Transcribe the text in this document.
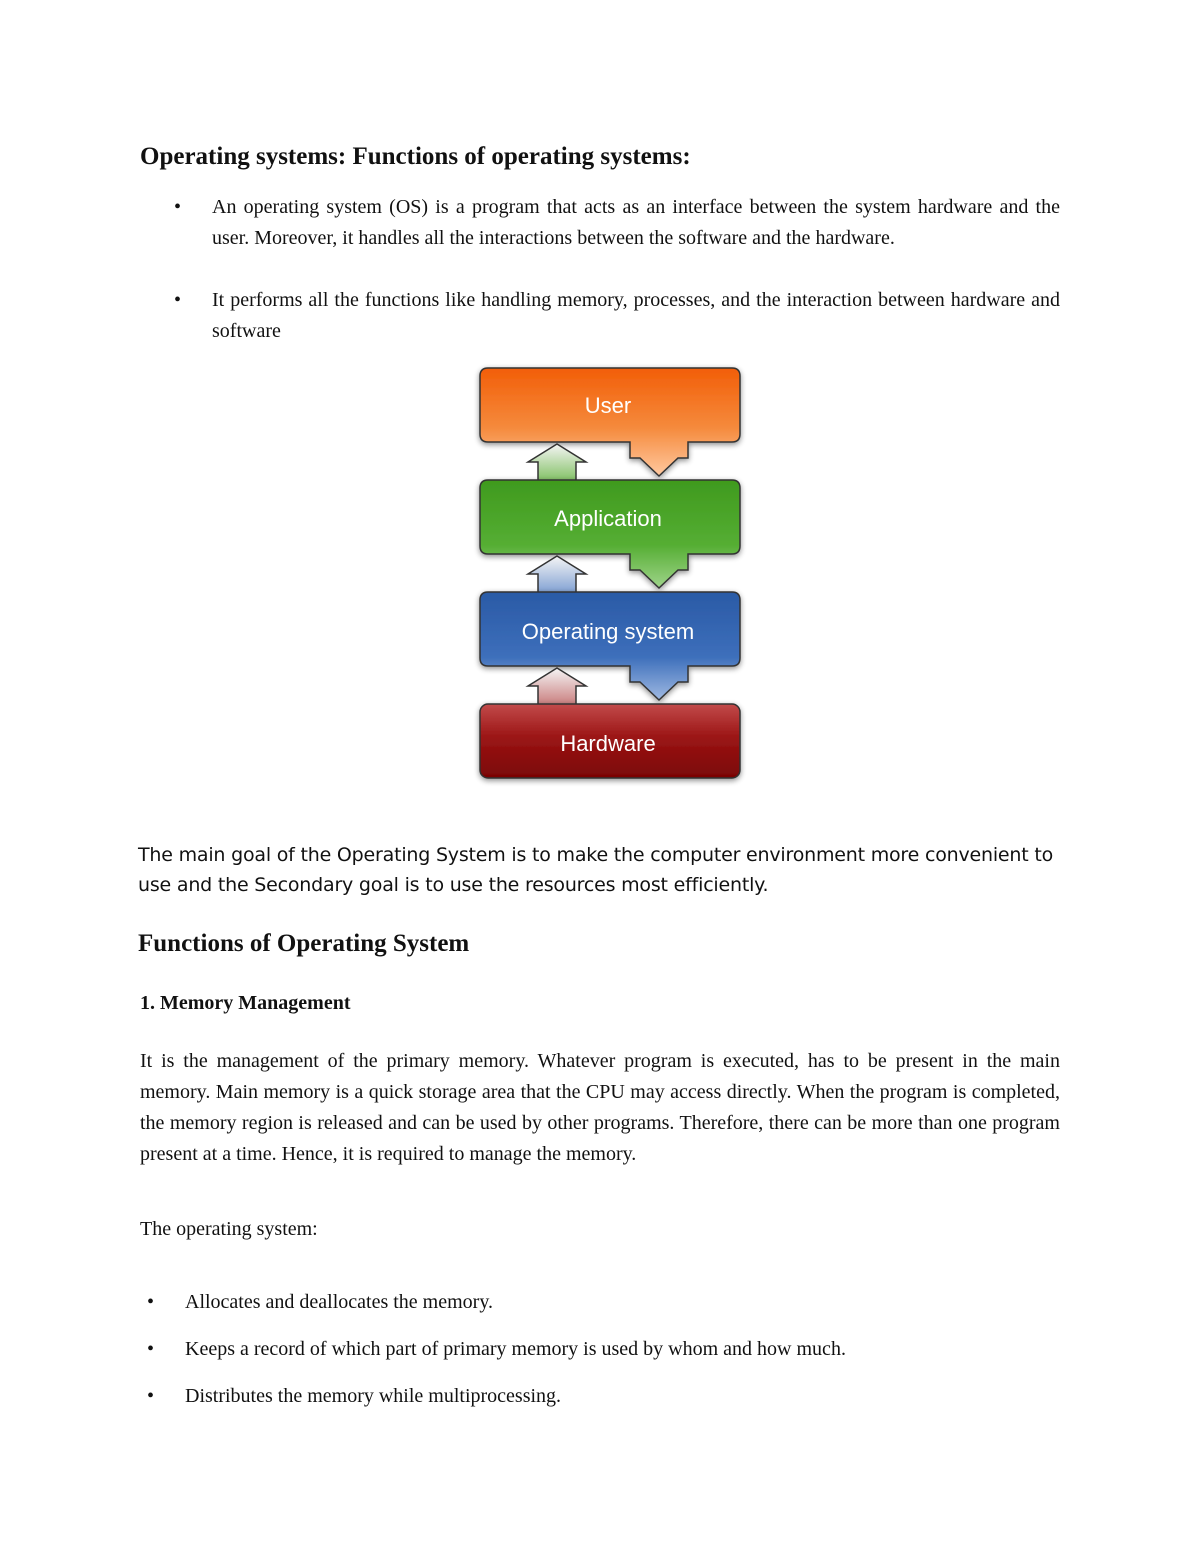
Operating systems: Functions of operating systems:
• An operating system (OS) is a program that acts as an interface between the system hardware and the user. Moreover, it handles all the interactions between the software and the hardware.
• It performs all the functions like handling memory, processes, and the interaction between hardware and software
User
Application
Operating system
Hardware

The main goal of the Operating System is to make the computer environment more convenient to use and the Secondary goal is to use the resources most efficiently.

Functions of Operating System
1. Memory Management

It is the management of the primary memory. Whatever program is executed, has to be present in the main memory. Main memory is a quick storage area that the CPU may access directly. When the program is completed, the memory region is released and can be used by other programs. Therefore, there can be more than one program present at a time. Hence, it is required to manage the memory.

The operating system:

• Allocates and deallocates the memory.
• Keeps a record of which part of primary memory is used by whom and how much.
• Distributes the memory while multiprocessing.
